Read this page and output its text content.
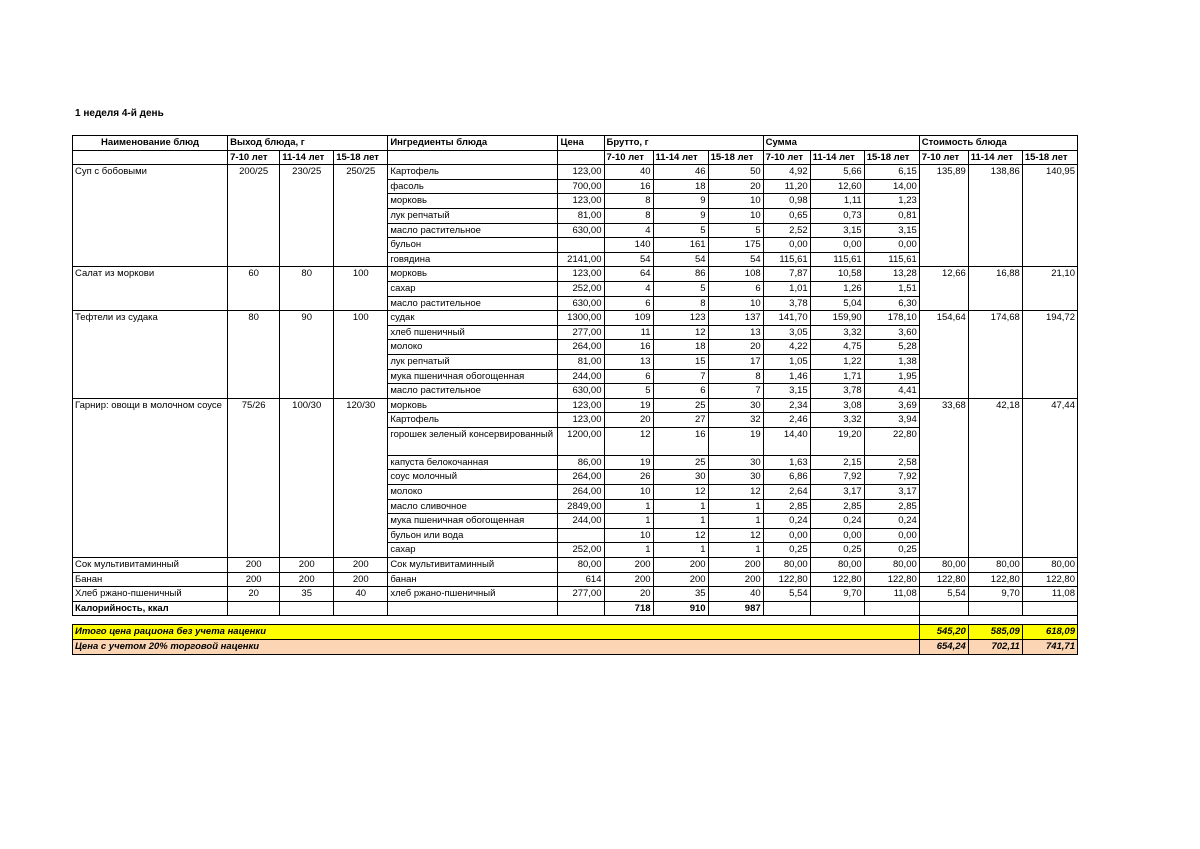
1 неделя 4-й день
Наименование блюд	Выход блюда, г			Ингредиенты блюда	Цена	Брутто, г			Сумма			Стоимость блюда		
	7-10 лет	11-14 лет	15-18 лет			7-10 лет	11-14 лет	15-18 лет	7-10 лет	11-14 лет	15-18 лет	7-10 лет	11-14 лет	15-18 лет
Суп с бобовыми	200/25	230/25	250/25	Картофель	123,00	40	46	50	4,92	5,66	6,15	135,89	138,86	140,95
				фасоль	700,00	16	18	20	11,20	12,60	14,00			
				морковь	123,00	8	9	10	0,98	1,11	1,23			
				лук репчатый	81,00	8	9	10	0,65	0,73	0,81			
				масло растительное	630,00	4	5	5	2,52	3,15	3,15			
				бульон		140	161	175	0,00	0,00	0,00			
				говядина	2141,00	54	54	54	115,61	115,61	115,61			
Салат из моркови	60	80	100	морковь	123,00	64	86	108	7,87	10,58	13,28	12,66	16,88	21,10
				сахар	252,00	4	5	6	1,01	1,26	1,51			
				масло растительное	630,00	6	8	10	3,78	5,04	6,30			
Тефтели из судака	80	90	100	судак	1300,00	109	123	137	141,70	159,90	178,10	154,64	174,68	194,72
				хлеб пшеничный	277,00	11	12	13	3,05	3,32	3,60			
				молоко	264,00	16	18	20	4,22	4,75	5,28			
				лук репчатый	81,00	13	15	17	1,05	1,22	1,38			
				мука пшеничная обогощенная	244,00	6	7	8	1,46	1,71	1,95			
				масло растительное	630,00	5	6	7	3,15	3,78	4,41			
Гарнир: овощи в молочном соусе	75/26	100/30	120/30	морковь	123,00	19	25	30	2,34	3,08	3,69	33,68	42,18	47,44
				Картофель	123,00	20	27	32	2,46	3,32	3,94			
				горошек зеленый консервированный	1200,00	12	16	19	14,40	19,20	22,80			
				капуста белокочанная	86,00	19	25	30	1,63	2,15	2,58			
				соус молочный	264,00	26	30	30	6,86	7,92	7,92			
				молоко	264,00	10	12	12	2,64	3,17	3,17			
				масло сливочное	2849,00	1	1	1	2,85	2,85	2,85			
				мука пшеничная обогощенная	244,00	1	1	1	0,24	0,24	0,24			
				бульон или вода		10	12	12	0,00	0,00	0,00			
				сахар	252,00	1	1	1	0,25	0,25	0,25			
Сок мультивитаминный	200	200	200	Сок мультивитаминный	80,00	200	200	200	80,00	80,00	80,00	80,00	80,00	80,00
Банан	200	200	200	банан	614	200	200	200	122,80	122,80	122,80	122,80	122,80	122,80
Хлеб ржано-пшеничный	20	35	40	хлеб ржано-пшеничный	277,00	20	35	40	5,54	9,70	11,08	5,54	9,70	11,08
Калорийность, ккал						718	910	987						

Итого цена рациона без учета наценки												545,20	585,09	618,09
Цена с учетом 20% торговой наценки												654,24	702,11	741,71
